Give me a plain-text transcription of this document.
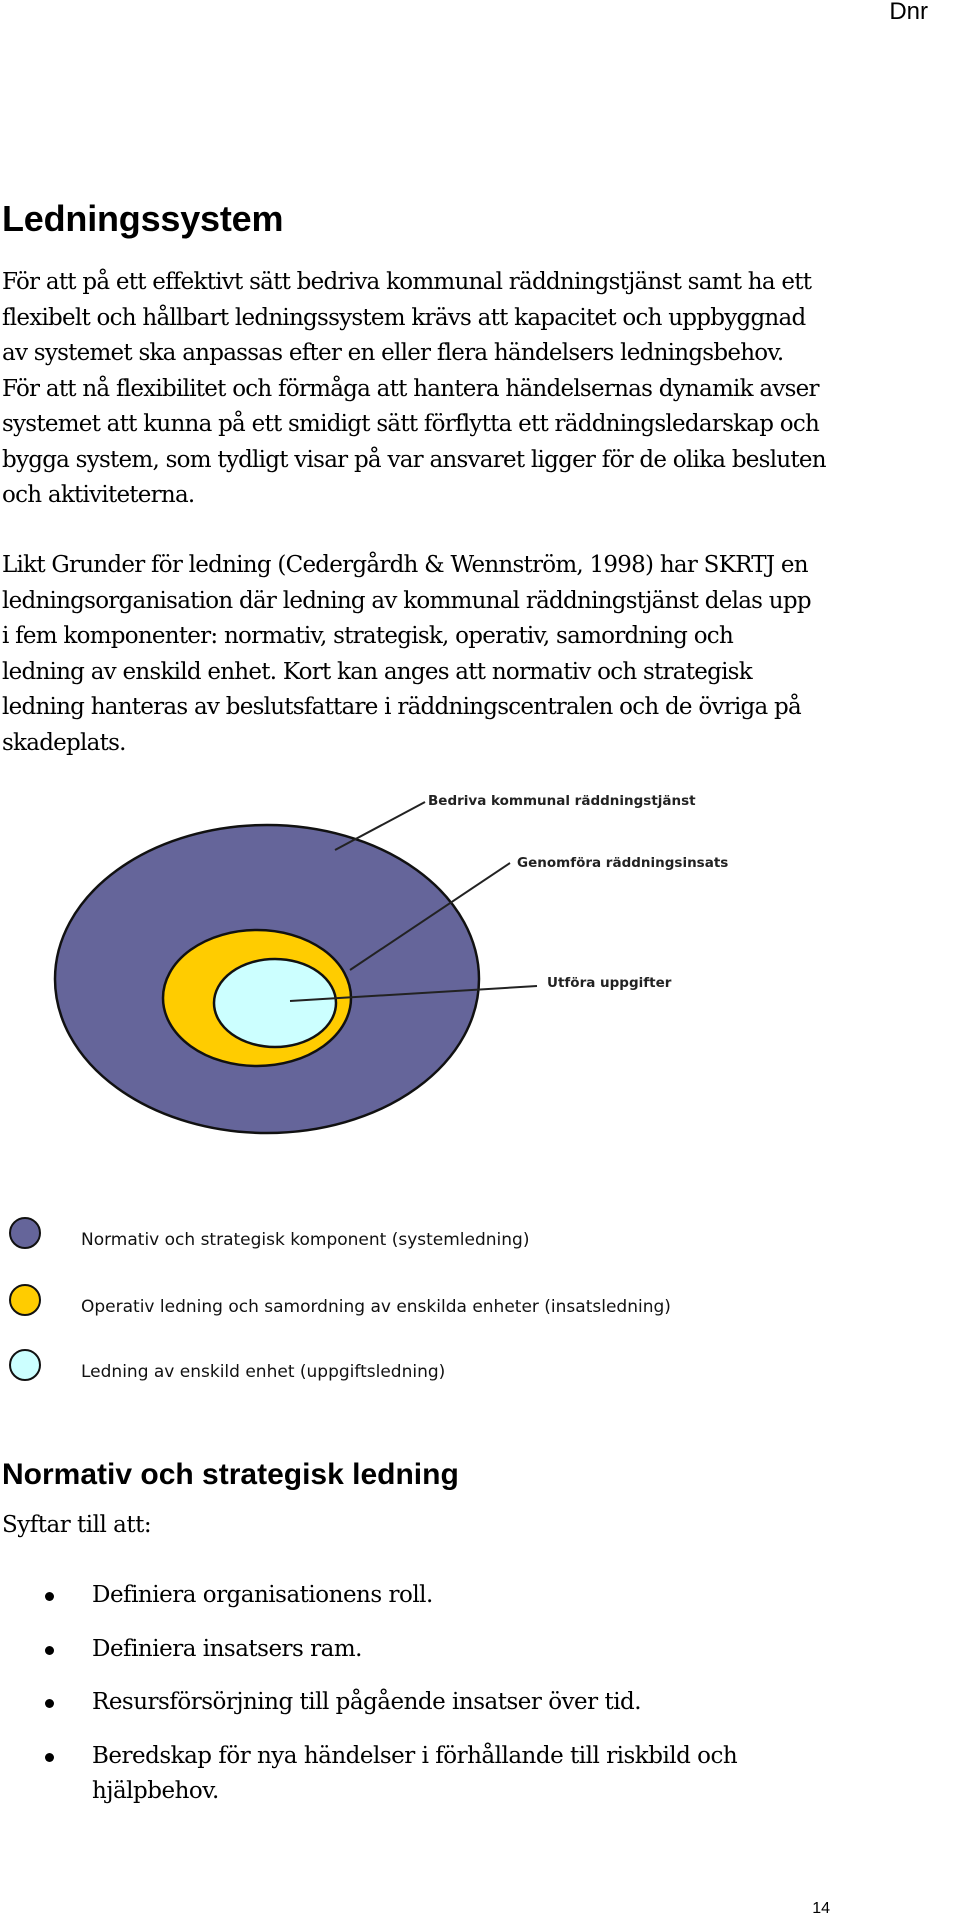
Dnr
Ledningssystem
För att på ett effektivt sätt bedriva kommunal räddningstjänst samt ha ett
flexibelt och hållbart ledningssystem krävs att kapacitet och uppbyggnad
av systemet ska anpassas efter en eller flera händelsers ledningsbehov.
För att nå flexibilitet och förmåga att hantera händelsernas dynamik avser
systemet att kunna på ett smidigt sätt förflytta ett räddningsledarskap och
bygga system, som tydligt visar på var ansvaret ligger för de olika besluten
och aktiviteterna.
Likt Grunder för ledning (Cedergårdh & Wennström, 1998) har SKRTJ en
ledningsorganisation där ledning av kommunal räddningstjänst delas upp
i fem komponenter: normativ, strategisk, operativ, samordning och
ledning av enskild enhet. Kort kan anges att normativ och strategisk
ledning hanteras av beslutsfattare i räddningscentralen och de övriga på
skadeplats.
Bedriva kommunal räddningstjänst
Genomföra räddningsinsats
Utföra uppgifter
Normativ och strategisk komponent (systemledning)
Operativ ledning och samordning av enskilda enheter (insatsledning)
Ledning av enskild enhet (uppgiftsledning)
Normativ och strategisk ledning
Syftar till att:
Definiera organisationens roll.
Definiera insatsers ram.
Resursförsörjning till pågående insatser över tid.
Beredskap för nya händelser i förhållande till riskbild och
hjälpbehov.
14
